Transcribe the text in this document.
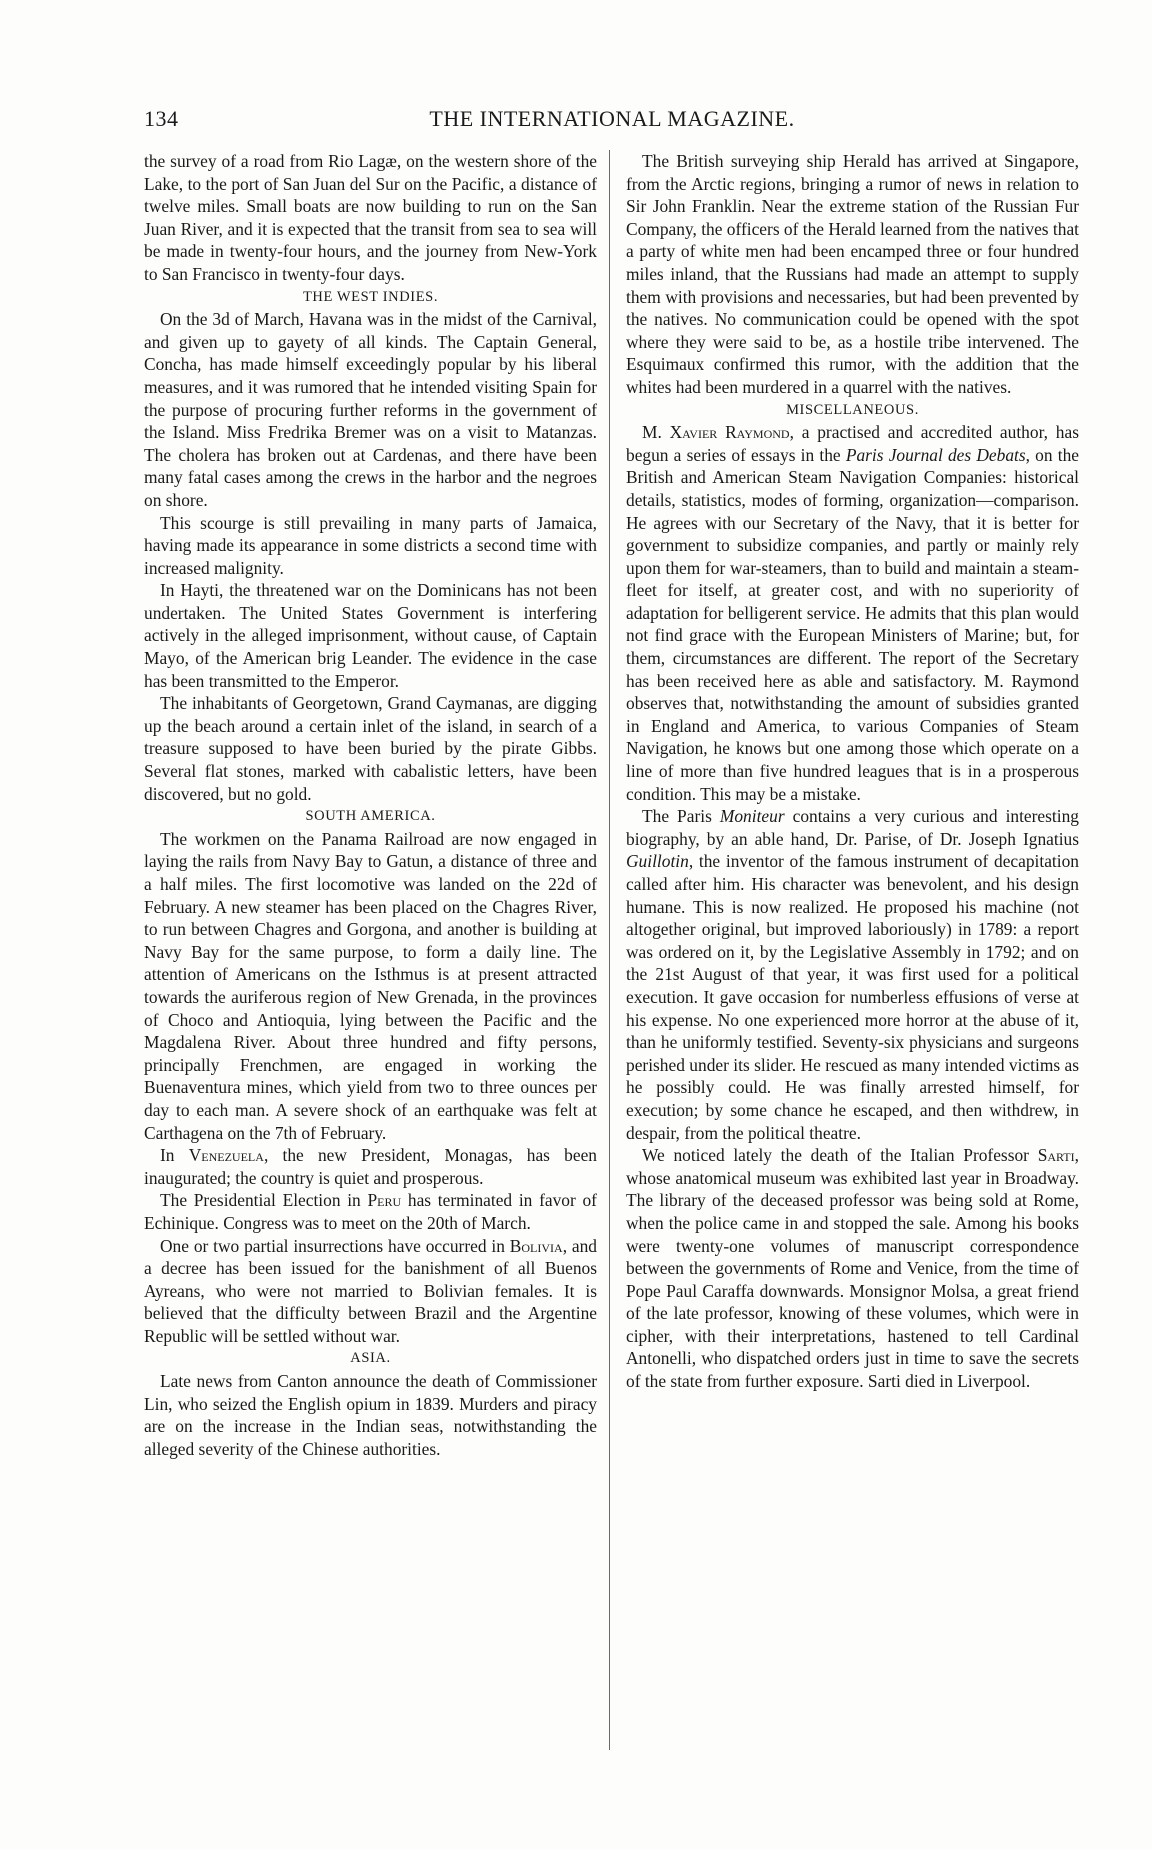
134	THE INTERNATIONAL MAGAZINE.

the survey of a road from Rio Lagæ, on the western shore of the Lake, to the port of San Juan del Sur on the Pacific, a distance of twelve miles. Small boats are now building to run on the San Juan River, and it is expected that the transit from sea to sea will be made in twenty-four hours, and the journey from New-York to San Francisco in twenty-four days.

THE WEST INDIES.

On the 3d of March, Havana was in the midst of the Carnival, and given up to gayety of all kinds. The Captain General, Concha, has made himself exceedingly popular by his liberal measures, and it was rumored that he intended visiting Spain for the purpose of procuring further reforms in the government of the Island. Miss Fredrika Bremer was on a visit to Matanzas. The cholera has broken out at Cardenas, and there have been many fatal cases among the crews in the harbor and the negroes on shore.

This scourge is still prevailing in many parts of Jamaica, having made its appearance in some districts a second time with increased malignity.

In Hayti, the threatened war on the Dominicans has not been undertaken. The United States Government is interfering actively in the alleged imprisonment, without cause, of Captain Mayo, of the American brig Leander. The evidence in the case has been transmitted to the Emperor.

The inhabitants of Georgetown, Grand Caymanas, are digging up the beach around a certain inlet of the island, in search of a treasure supposed to have been buried by the pirate Gibbs. Several flat stones, marked with cabalistic letters, have been discovered, but no gold.

SOUTH AMERICA.

The workmen on the Panama Railroad are now engaged in laying the rails from Navy Bay to Gatun, a distance of three and a half miles. The first locomotive was landed on the 22d of February. A new steamer has been placed on the Chagres River, to run between Chagres and Gorgona, and another is building at Navy Bay for the same purpose, to form a daily line. The attention of Americans on the Isthmus is at present attracted towards the auriferous region of New Grenada, in the provinces of Choco and Antioquia, lying between the Pacific and the Magdalena River. About three hundred and fifty persons, principally Frenchmen, are engaged in working the Buenaventura mines, which yield from two to three ounces per day to each man. A severe shock of an earthquake was felt at Carthagena on the 7th of February.

In Venezuela, the new President, Monagas, has been inaugurated; the country is quiet and prosperous.

The Presidential Election in Peru has terminated in favor of Echinique. Congress was to meet on the 20th of March.

One or two partial insurrections have occurred in Bolivia, and a decree has been issued for the banishment of all Buenos Ayreans, who were not married to Bolivian females. It is believed that the difficulty between Brazil and the Argentine Republic will be settled without war.

ASIA.

Late news from Canton announce the death of Commissioner Lin, who seized the English opium in 1839. Murders and piracy are on the increase in the Indian seas, notwithstanding the alleged severity of the Chinese authorities.

The British surveying ship Herald has arrived at Singapore, from the Arctic regions, bringing a rumor of news in relation to Sir John Franklin. Near the extreme station of the Russian Fur Company, the officers of the Herald learned from the natives that a party of white men had been encamped three or four hundred miles inland, that the Russians had made an attempt to supply them with provisions and necessaries, but had been prevented by the natives. No communication could be opened with the spot where they were said to be, as a hostile tribe intervened. The Esquimaux confirmed this rumor, with the addition that the whites had been murdered in a quarrel with the natives.

MISCELLANEOUS.

M. Xavier Raymond, a practised and accredited author, has begun a series of essays in the Paris Journal des Debats, on the British and American Steam Navigation Companies: historical details, statistics, modes of forming, organization—comparison. He agrees with our Secretary of the Navy, that it is better for government to subsidize companies, and partly or mainly rely upon them for war-steamers, than to build and maintain a steam-fleet for itself, at greater cost, and with no superiority of adaptation for belligerent service. He admits that this plan would not find grace with the European Ministers of Marine; but, for them, circumstances are different. The report of the Secretary has been received here as able and satisfactory. M. Raymond observes that, notwithstanding the amount of subsidies granted in England and America, to various Companies of Steam Navigation, he knows but one among those which operate on a line of more than five hundred leagues that is in a prosperous condition. This may be a mistake.

The Paris Moniteur contains a very curious and interesting biography, by an able hand, Dr. Parise, of Dr. Joseph Ignatius Guillotin, the inventor of the famous instrument of decapitation called after him. His character was benevolent, and his design humane. This is now realized. He proposed his machine (not altogether original, but improved laboriously) in 1789: a report was ordered on it, by the Legislative Assembly in 1792; and on the 21st August of that year, it was first used for a political execution. It gave occasion for numberless effusions of verse at his expense. No one experienced more horror at the abuse of it, than he uniformly testified. Seventy-six physicians and surgeons perished under its slider. He rescued as many intended victims as he possibly could. He was finally arrested himself, for execution; by some chance he escaped, and then withdrew, in despair, from the political theatre.

We noticed lately the death of the Italian Professor Sarti, whose anatomical museum was exhibited last year in Broadway. The library of the deceased professor was being sold at Rome, when the police came in and stopped the sale. Among his books were twenty-one volumes of manuscript correspondence between the governments of Rome and Venice, from the time of Pope Paul Caraffa downwards. Monsignor Molsa, a great friend of the late professor, knowing of these volumes, which were in cipher, with their interpretations, hastened to tell Cardinal Antonelli, who dispatched orders just in time to save the secrets of the state from further exposure. Sarti died in Liverpool.
